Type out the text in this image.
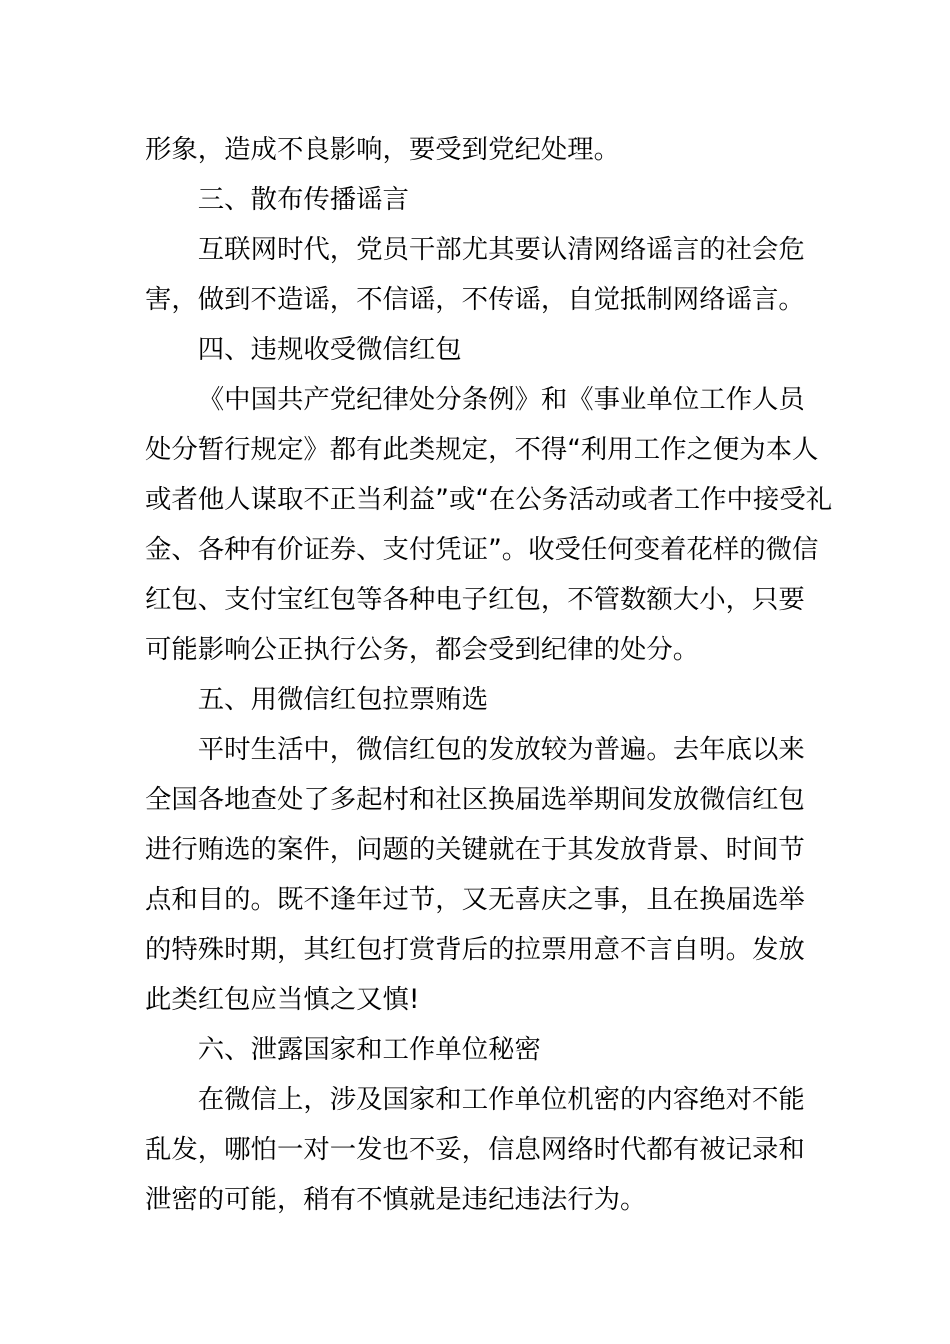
形象，造成不良影响，要受到党纪处理。
三、散布传播谣言
互联网时代，党员干部尤其要认清网络谣言的社会危
害，做到不造谣，不信谣，不传谣，自觉抵制网络谣言。
四、违规收受微信红包
《中国共产党纪律处分条例》和《事业单位工作人员
处分暂行规定》都有此类规定，不得“利用工作之便为本人
或者他人谋取不正当利益”或“在公务活动或者工作中接受礼
金、各种有价证券、支付凭证”。收受任何变着花样的微信
红包、支付宝红包等各种电子红包，不管数额大小，只要
可能影响公正执行公务，都会受到纪律的处分。
五、用微信红包拉票贿选
平时生活中，微信红包的发放较为普遍。去年底以来
全国各地查处了多起村和社区换届选举期间发放微信红包
进行贿选的案件，问题的关键就在于其发放背景、时间节
点和目的。既不逢年过节，又无喜庆之事，且在换届选举
的特殊时期，其红包打赏背后的拉票用意不言自明。发放
此类红包应当慎之又慎!
六、泄露国家和工作单位秘密
在微信上，涉及国家和工作单位机密的内容绝对不能
乱发，哪怕一对一发也不妥，信息网络时代都有被记录和
泄密的可能，稍有不慎就是违纪违法行为。
